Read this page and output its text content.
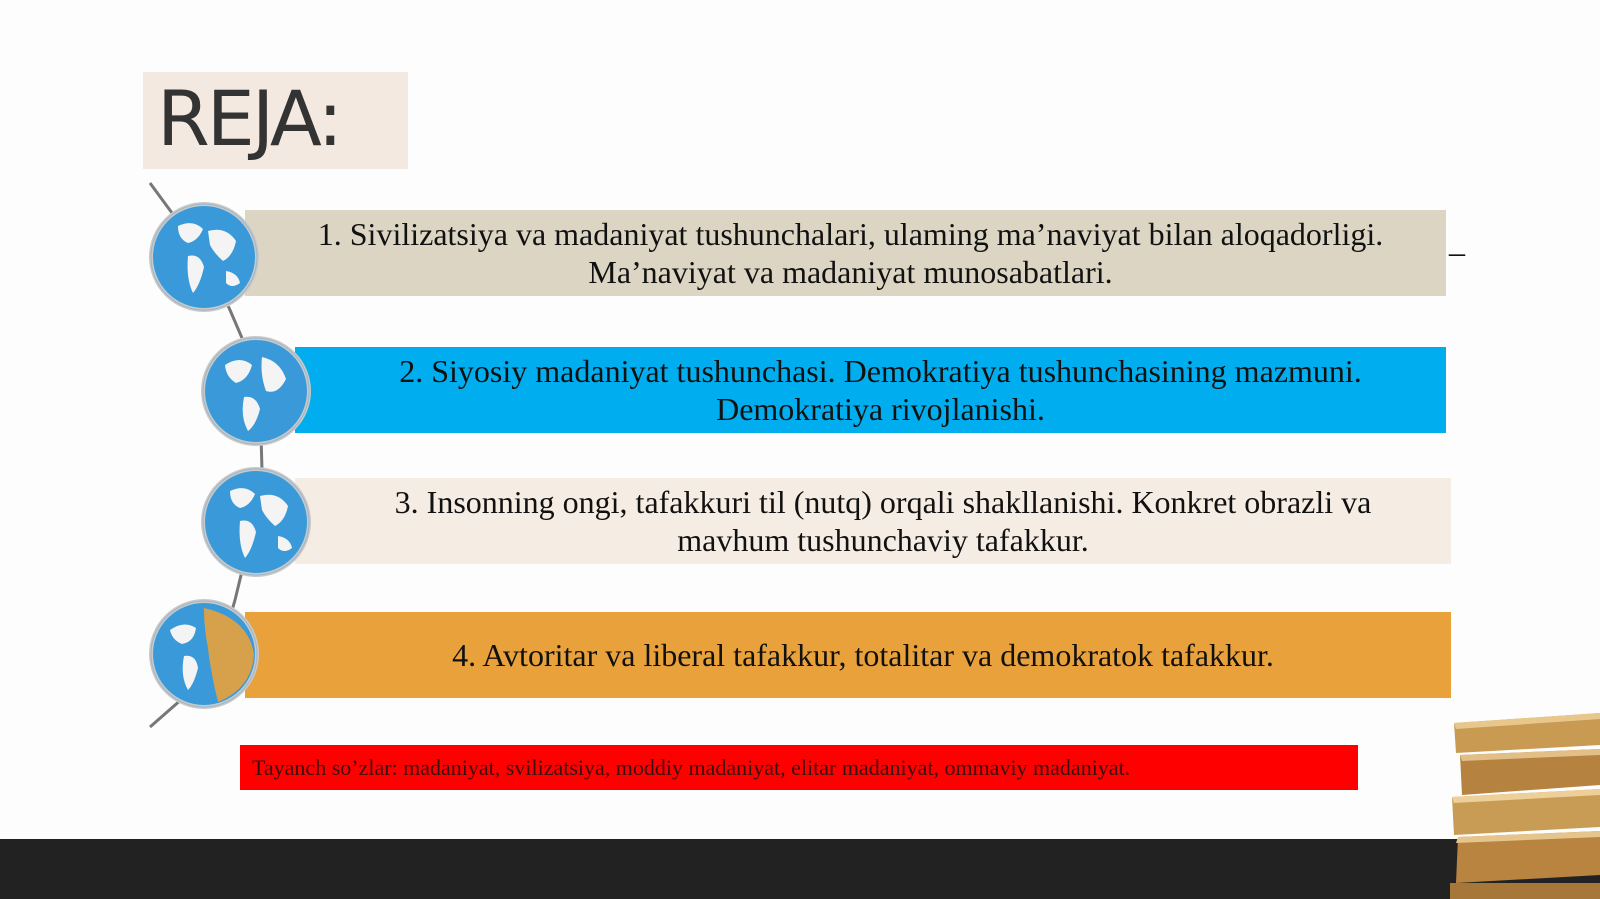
REJA:
1. Sivilizatsiya va madaniyat tushunchalari, ulaming ma’naviyat bilan aloqadorligi.
Ma’naviyat va madaniyat munosabatlari.
_
2. Siyosiy madaniyat tushunchasi. Demokratiya tushunchasining mazmuni.
Demokratiya rivojlanishi.
3. Insonning ongi, tafakkuri til (nutq) orqali shakllanishi. Konkret obrazli va
mavhum tushunchaviy tafakkur.
4. Avtoritar va liberal tafakkur, totalitar va demokratok tafakkur.
Tayanch so’zlar: madaniyat, svilizatsiya, moddiy madaniyat, elitar madaniyat, ommaviy madaniyat.
